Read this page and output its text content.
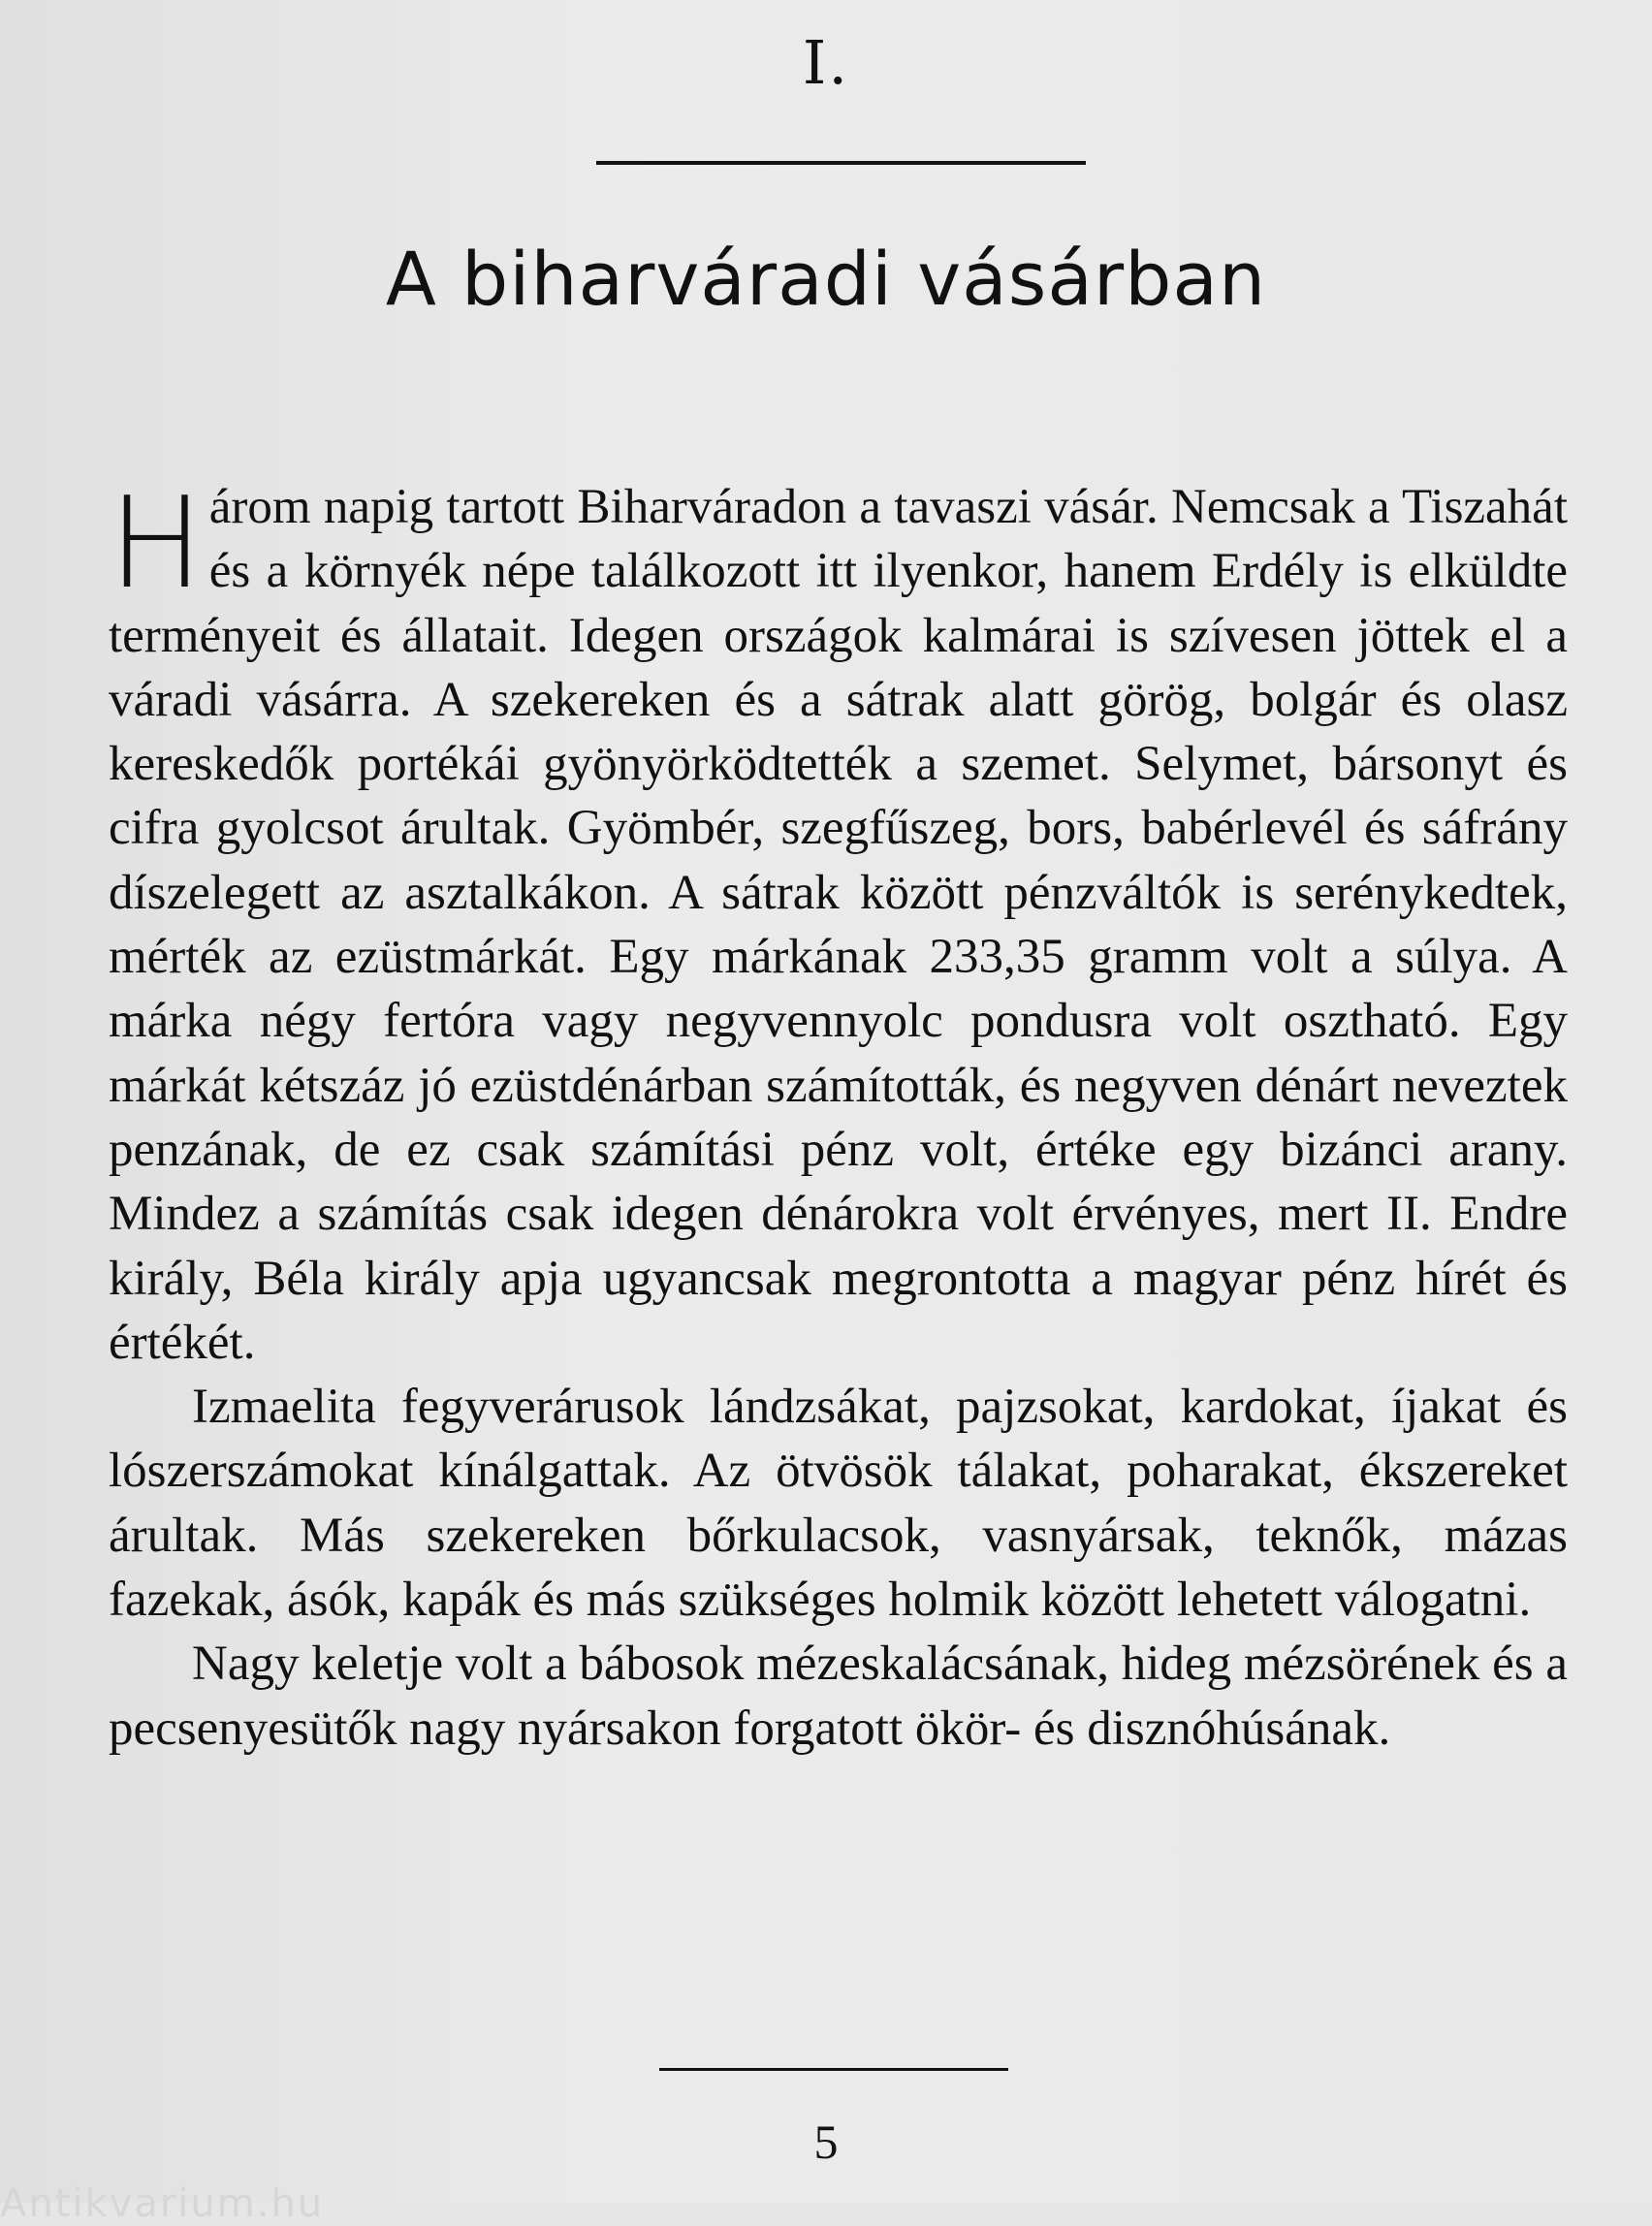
I.
A biharváradi vásárban

Három napig tartott Biharváradon a tavaszi vásár. Nemcsak a Tiszahát és a környék népe találkozott itt ilyenkor, hanem Erdély is elküldte terményeit és állatait. Idegen országok kalmárai is szívesen jöttek el a váradi vásárra. A szekereken és a sátrak alatt görög, bolgár és olasz kereskedők portékái gyönyörködtették a szemet. Selymet, bársonyt és cifra gyolcsot árultak. Gyömbér, szegfűszeg, bors, babérlevél és sáfrány díszelegett az asztalkákon. A sátrak között pénzváltók is serénykedtek, mérték az ezüstmárkát. Egy márkának 233,35 gramm volt a súlya. A márka négy fertóra vagy negyvennyolc pondusra volt osztható. Egy márkát kétszáz jó ezüstdénárban számították, és negyven dénárt neveztek penzának, de ez csak számítási pénz volt, értéke egy bizánci arany. Mindez a számítás csak idegen dénárokra volt érvényes, mert II. Endre király, Béla király apja ugyancsak megrontotta a magyar pénz hírét és értékét.

Izmaelita fegyverárusok lándzsákat, pajzsokat, kardokat, íjakat és lószerszámokat kínálgattak. Az ötvösök tálakat, poharakat, ékszereket árultak. Más szekereken bőrkulacsok, vasnyársak, teknők, mázas fazekak, ásók, kapák és más szükséges holmik között lehetett válogatni.

Nagy keletje volt a bábosok mézeskalácsának, hideg mézsörének és a pecsenyesütők nagy nyársakon forgatott ökör- és disznóhúsának.

5
Antikvarium.hu
